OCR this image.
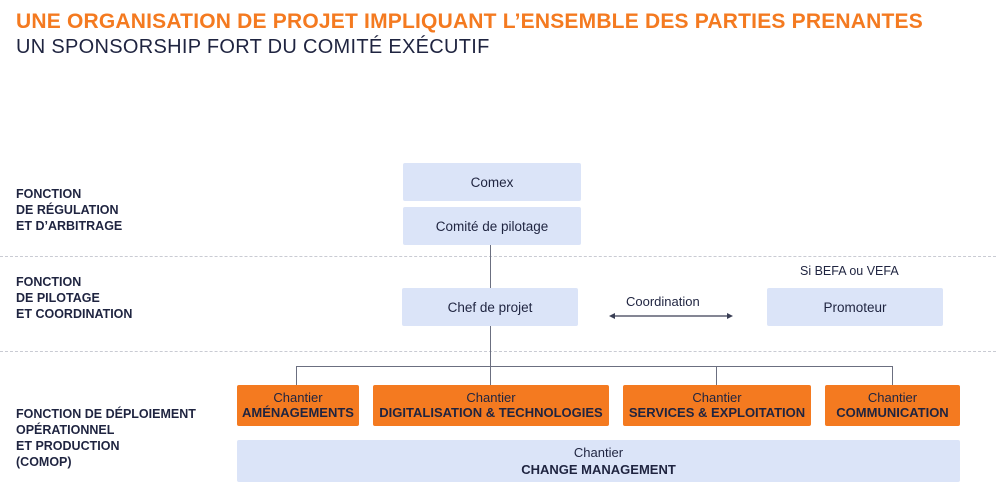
UNE ORGANISATION DE PROJET IMPLIQUANT L’ENSEMBLE DES PARTIES PRENANTES
UN SPONSORSHIP FORT DU COMITÉ EXÉCUTIF
FONCTION
DE RÉGULATION
ET D’ARBITRAGE
FONCTION
DE PILOTAGE
ET COORDINATION
FONCTION DE DÉPLOIEMENT
OPÉRATIONNEL
ET PRODUCTION
(COMOP)
Comex
Comité de pilotage
Chef de projet	Coordination
Si BEFA ou VEFA
Promoteur
Chantier
AMÉNAGEMENTS
Chantier
DIGITALISATION & TECHNOLOGIES
Chantier
SERVICES & EXPLOITATION
Chantier
COMMUNICATION
Chantier
CHANGE MANAGEMENT
